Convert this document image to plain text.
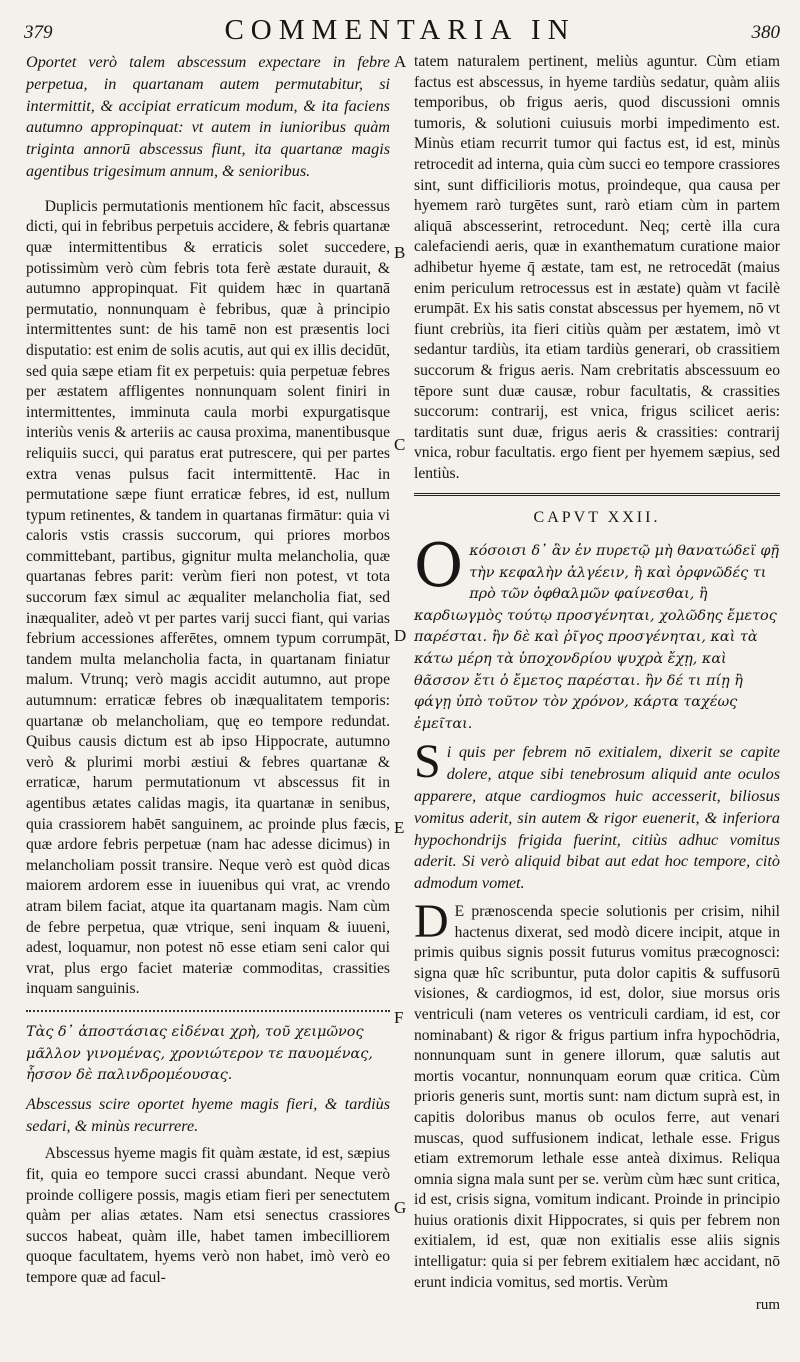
379	COMMENTARIA IN	380
A
B
C
D
E
F
G

Oportet verò talem abscessum expectare in febre perpetua, in quartanam autem permutabitur, si intermittit, & accipiat erraticum modum, & ita faciens autumno appropinquat: vt autem in iunioribus quàm triginta annorū abscessus fiunt, ita quartanæ magis agentibus trigesimum annum, & senioribus.

Duplicis permutationis mentionem hîc facit, abscessus dicti, qui in febribus perpetuis accidere, & febris quartanæ quæ intermittentibus & erraticis solet succedere, potissimùm verò cùm febris tota ferè æstate durauit, & autumno appropinquat. Fit quidem hæc in quartanā permutatio, nonnunquam è febribus, quæ à principio intermittentes sunt: de his tamē non est præsentis loci disputatio: est enim de solis acutis, aut qui ex illis decidūt, sed quia sæpe etiam fit ex perpetuis: quia perpetuæ febres per æstatem affligentes nonnunquam solent finiri in intermittentes, imminuta caula morbi expurgatisque interiùs venis & arteriis ac causa proxima, manentibusque reliquiis succi, qui paratus erat putrescere, qui per partes extra venas pulsus facit intermittentē. Hac in permutatione sæpe fiunt erraticæ febres, id est, nullum typum retinentes, & tandem in quartanas firmātur: quia vi caloris vstis crassis succorum, qui priores morbos committebant, partibus, gignitur multa melancholia, quæ quartanas febres parit: verùm fieri non potest, vt tota succorum fæx simul ac æqualiter melancholia fiat, sed inæqualiter, adeò vt per partes varij succi fiant, qui varias febrium accessiones afferētes, omnem typum corrumpāt, tandem multa melancholia facta, in quartanam finiatur malum. Vtrunq; verò magis accidit autumno, aut prope autumnum: erraticæ febres ob inæqualitatem temporis: quartanæ ob melancholiam, quę eo tempore redundat. Quibus causis dictum est ab ipso Hippocrate, autumno verò & plurimi morbi æstiui & febres quartanæ & erraticæ, harum permutationum vt abscessus fit in agentibus ætates calidas magis, ita quartanæ in senibus, quia crassiorem habēt sanguinem, ac proinde plus fæcis, quæ ardore febris perpetuæ (nam hac adesse dicimus) in melancholiam possit transire. Neque verò est quòd dicas maiorem ardorem esse in iuuenibus qui vrat, ac vrendo atram bilem faciat, atque ita quartanam magis. Nam cùm de febre perpetua, quæ vtrique, seni inquam & iuueni, adest, loquamur, non potest nō esse etiam seni calor qui vrat, plus ergo faciet materiæ commoditas, crassities inquam sanguinis.

Τὰς δ᾽ ἀποστάσιας εἰδέναι χρὴ, τοῦ χειμῶνος μᾶλλον γινομένας, χρονιώτερον τε παυομένας, ἧσσον δὲ παλινδρομέουσας.

Abscessus scire oportet hyeme magis fieri, & tardiùs sedari, & minùs recurrere.

Abscessus hyeme magis fit quàm æstate, id est, sæpius fit, quia eo tempore succi crassi abundant. Neque verò proinde colligere possis, magis etiam fieri per senectutem quàm per alias ætates. Nam etsi senectus crassiores succos habeat, quàm ille, habet tamen imbecilliorem quoque facultatem, hyems verò non habet, imò verò eo tempore quæ ad facul-

tatem naturalem pertinent, meliùs aguntur. Cùm etiam factus est abscessus, in hyeme tardiùs sedatur, quàm aliis temporibus, ob frigus aeris, quod discussioni omnis tumoris, & solutioni cuiusuis morbi impedimento est. Minùs etiam recurrit tumor qui factus est, id est, minùs retrocedit ad interna, quia cùm succi eo tempore crassiores sint, sunt difficilioris motus, proindeque, qua causa per hyemem rarò turgētes sunt, rarò etiam cùm in partem aliquā abscesserint, retrocedunt. Neq; certè illa cura calefaciendi aeris, quæ in exanthematum curatione maior adhibetur hyeme q̄ æstate, tam est, ne retrocedāt (maius enim periculum retrocessus est in æstate) quàm vt facilè erumpāt. Ex his satis constat abscessus per hyemem, nō vt fiunt crebriùs, ita fieri citiùs quàm per æstatem, imò vt sedantur tardiùs, ita etiam tardiùs generari, ob crassitiem succorum & frigus aeris. Nam crebritatis abscessuum eo tēpore sunt duæ causæ, robur facultatis, & crassities succorum: contrarij, est vnica, frigus scilicet aeris: tarditatis sunt duæ, frigus aeris & crassities: contrarij vnica, robur facultatis. ergo fient per hyemem sæpius, sed lentiùs.

CAPVT XXII.

Οκόσοισι δ᾽ ἂν ἐν πυρετῷ μὴ θανατώδεϊ φῇ τὴν κεφαλὴν ἀλγέειν, ἢ καὶ ὀρφνῶδές τι πρὸ τῶν ὀφθαλμῶν φαίνεσθαι, ἢ καρδιωγμὸς τούτῳ προσγένηται, χολῶδης ἔμετος παρέσται. ἢν δὲ καὶ ῥῖγος προσγένηται, καὶ τὰ κάτω μέρη τὰ ὑποχονδρίου ψυχρὰ ἔχῃ, καὶ θᾶσσον ἔτι ὁ ἔμετος παρέσται. ἢν δέ τι πίῃ ἢ φάγῃ ὑπὸ τοῦτον τὸν χρόνον, κάρτα ταχέως ἐμεῖται.

Si quis per febrem nō exitialem, dixerit se capite dolere, atque sibi tenebrosum aliquid ante oculos apparere, atque cardiogmos huic accesserit, biliosus vomitus aderit, sin autem & rigor euenerit, & inferiora hypochondrijs frigida fuerint, citiùs adhuc vomitus aderit. Si verò aliquid bibat aut edat hoc tempore, citò admodum vomet.

D E prænoscenda specie solutionis per crisim, nihil hactenus dixerat, sed modò dicere incipit, atque in primis quibus signis possit futurus vomitus præcognosci: signa quæ hîc scribuntur, puta dolor capitis & suffusorū visiones, & cardiogmos, id est, dolor, siue morsus oris ventriculi (nam veteres os ventriculi cardiam, id est, cor nominabant) & rigor & frigus partium infra hypochōdria, nonnunquam sunt in genere illorum, quæ salutis aut mortis vocantur, nonnunquam eorum quæ critica. Cùm prioris generis sunt, mortis sunt: nam dictum suprà est, in capitis doloribus manus ob oculos ferre, aut venari muscas, quod suffusionem indicat, lethale esse. Frigus etiam extremorum lethale esse anteà diximus. Reliqua omnia signa mala sunt per se. verùm cùm hæc sunt critica, id est, crisis signa, vomitum indicant. Proinde in principio huius orationis dixit Hippocrates, si quis per febrem non exitialem, id est, quæ non exitialis esse aliis signis intelligatur: quia si per febrem exitialem hæc accidant, nō erunt indicia vomitus, sed mortis. Verùm

rum
